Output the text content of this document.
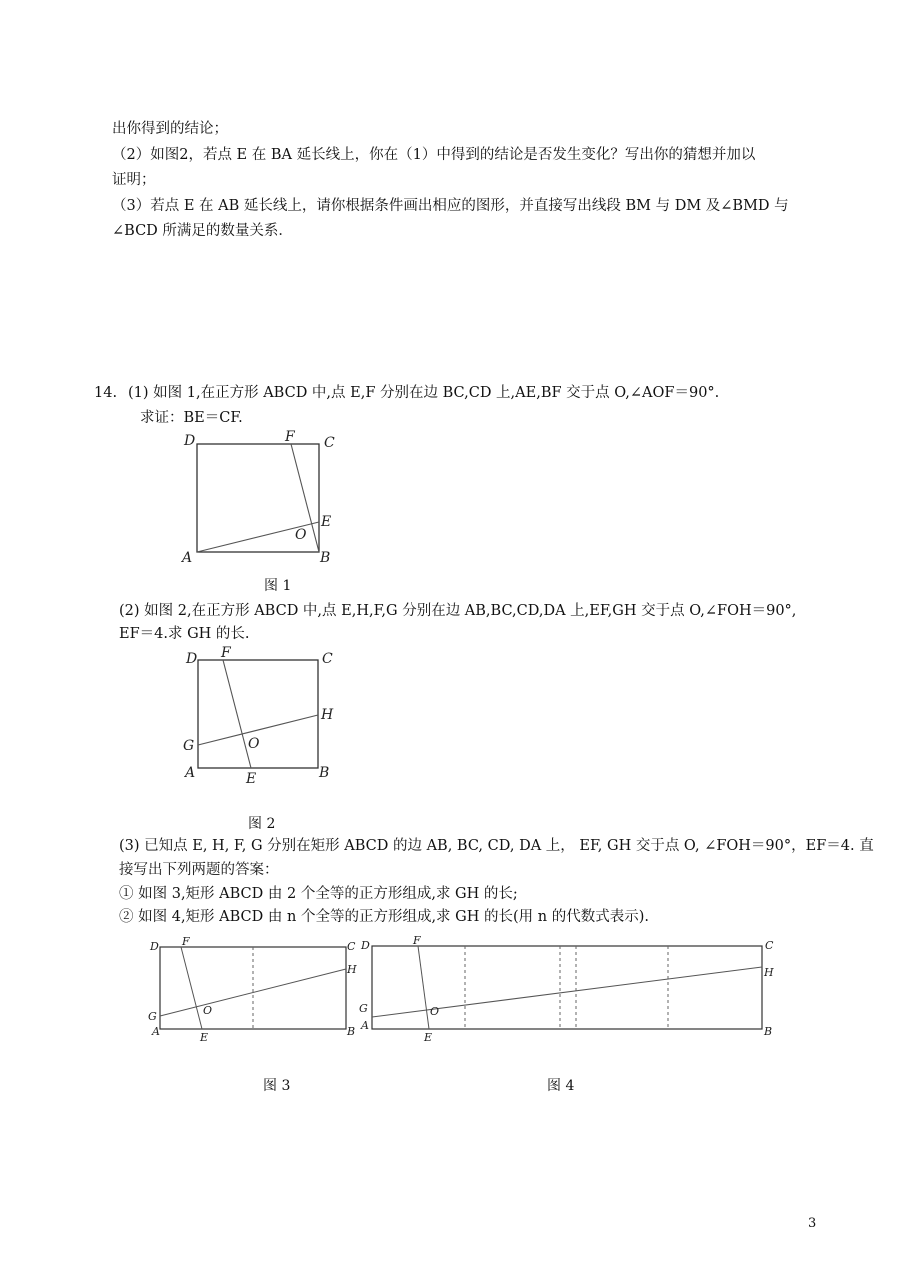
出你得到的结论；
（2）如图2，若点 E 在 BA 延长线上，你在（1）中得到的结论是否发生变化？写出你的猜想并加以
证明；
（3）若点 E 在 AB 延长线上，请你根据条件画出相应的图形，并直接写出线段 BM 与 DM 及∠BMD 与
∠BCD 所满足的数量关系．
14. (1) 如图 1,在正方形 ABCD 中,点 E,F 分别在边 BC,CD 上,AE,BF 交于点 O,∠AOF＝90°.
求证：BE＝CF.
D	C
F
E
O
A	B
图 1
(2) 如图 2,在正方形 ABCD 中,点 E,H,F,G 分别在边 AB,BC,CD,DA 上,EF,GH 交于点 O,∠FOH＝90°,
EF＝4.求 GH 的长.
D F	C
H
G	O
A	E	B
图 2
(3) 已知点 E, H, F, G 分别在矩形 ABCD 的边 AB, BC, CD, DA 上， EF, GH 交于点 O, ∠FOH＝90°，EF＝4. 直
接写出下列两题的答案：
① 如图 3,矩形 ABCD 由 2 个全等的正方形组成,求 GH 的长;
② 如图 4,矩形 ABCD 由 n 个全等的正方形组成,求 GH 的长(用 n 的代数式表示).
D F	C
H
G	O
A	E	B
图 3
D	F	C
H
G	O
A
E	B
图 4
3
